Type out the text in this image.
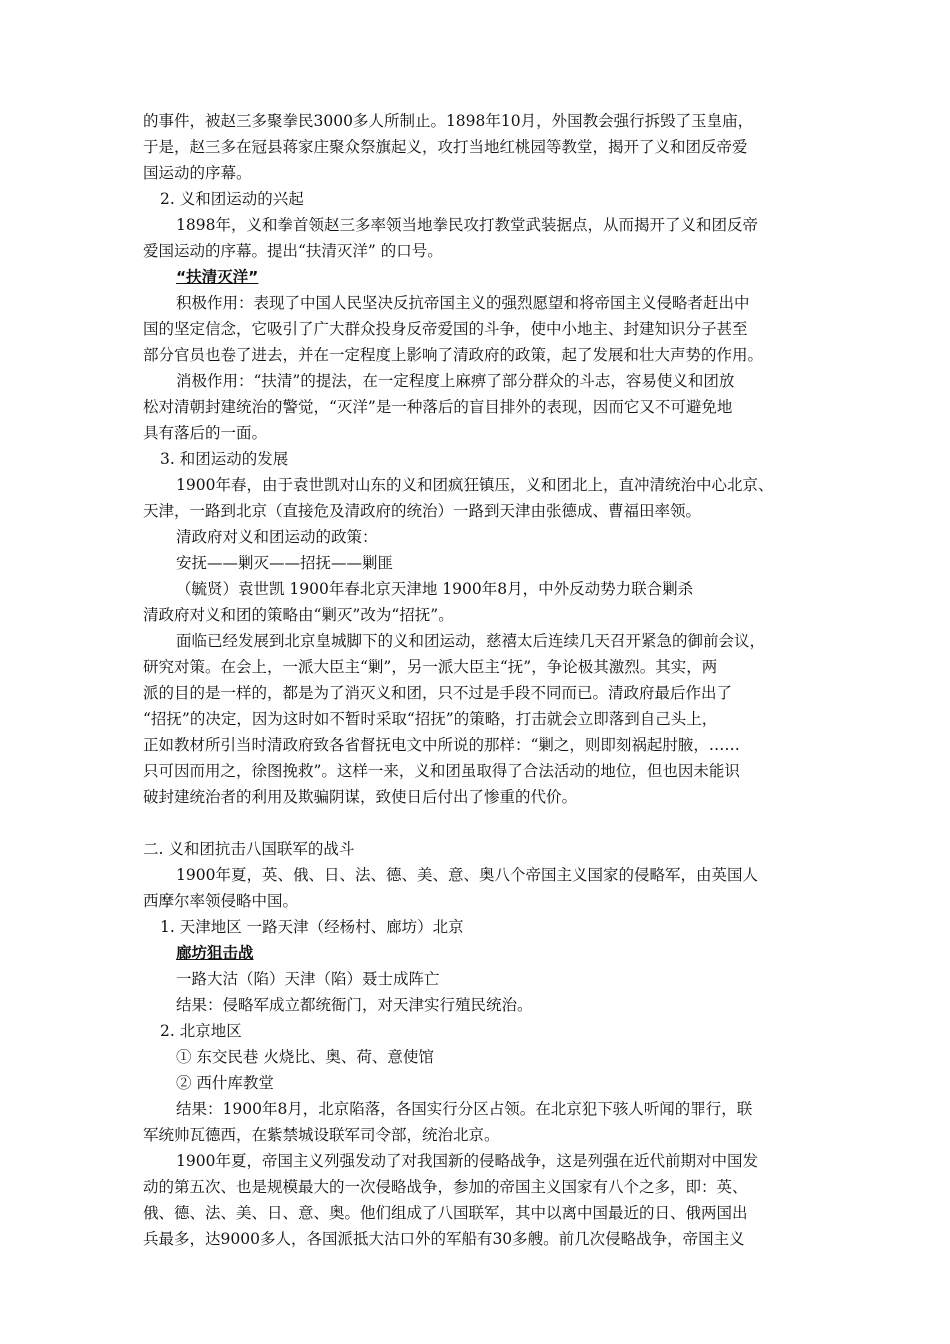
的事件，被赵三多聚拳民3000多人所制止。1898年10月，外国教会强行拆毁了玉皇庙，
于是，赵三多在冠县蒋家庄聚众祭旗起义，攻打当地红桃园等教堂，揭开了义和团反帝爱
国运动的序幕。
2. 义和团运动的兴起
1898年，义和拳首领赵三多率领当地拳民攻打教堂武装据点，从而揭开了义和团反帝
爱国运动的序幕。提出“扶清灭洋” 的口号。
“扶清灭洋”
积极作用：表现了中国人民坚决反抗帝国主义的强烈愿望和将帝国主义侵略者赶出中
国的坚定信念，它吸引了广大群众投身反帝爱国的斗争，使中小地主、封建知识分子甚至
部分官员也卷了进去，并在一定程度上影响了清政府的政策，起了发展和壮大声势的作用。
消极作用：“扶清”的提法，在一定程度上麻痹了部分群众的斗志，容易使义和团放
松对清朝封建统治的警觉，“灭洋”是一种落后的盲目排外的表现，因而它又不可避免地
具有落后的一面。
3. 和团运动的发展
1900年春，由于袁世凯对山东的义和团疯狂镇压，义和团北上，直冲清统治中心北京、
天津，一路到北京（直接危及清政府的统治）一路到天津由张德成、曹福田率领。
清政府对义和团运动的政策：
安抚——剿灭——招抚——剿匪
（毓贤）袁世凯 1900年春北京天津地 1900年8月，中外反动势力联合剿杀
清政府对义和团的策略由“剿灭”改为“招抚”。
面临已经发展到北京皇城脚下的义和团运动，慈禧太后连续几天召开紧急的御前会议，
研究对策。在会上，一派大臣主“剿”，另一派大臣主“抚”，争论极其激烈。其实，两
派的目的是一样的，都是为了消灭义和团，只不过是手段不同而已。清政府最后作出了
“招抚”的决定，因为这时如不暂时采取“招抚”的策略，打击就会立即落到自己头上，
正如教材所引当时清政府致各省督抚电文中所说的那样：“剿之，则即刻祸起肘腋，……
只可因而用之，徐图挽救”。这样一来，义和团虽取得了合法活动的地位，但也因未能识
破封建统治者的利用及欺骗阴谋，致使日后付出了惨重的代价。
二. 义和团抗击八国联军的战斗
1900年夏，英、俄、日、法、德、美、意、奥八个帝国主义国家的侵略军，由英国人
西摩尔率领侵略中国。
1. 天津地区 一路天津（经杨村、廊坊）北京
廊坊狙击战
一路大沽（陷）天津（陷）聂士成阵亡
结果：侵略军成立都统衙门，对天津实行殖民统治。
2. 北京地区
① 东交民巷 火烧比、奥、荷、意使馆
② 西什库教堂
结果：1900年8月，北京陷落，各国实行分区占领。在北京犯下骇人听闻的罪行，联
军统帅瓦德西，在紫禁城设联军司令部，统治北京。
1900年夏，帝国主义列强发动了对我国新的侵略战争，这是列强在近代前期对中国发
动的第五次、也是规模最大的一次侵略战争，参加的帝国主义国家有八个之多，即：英、
俄、德、法、美、日、意、奥。他们组成了八国联军，其中以离中国最近的日、俄两国出
兵最多，达9000多人，各国派抵大沽口外的军船有30多艘。前几次侵略战争，帝国主义
